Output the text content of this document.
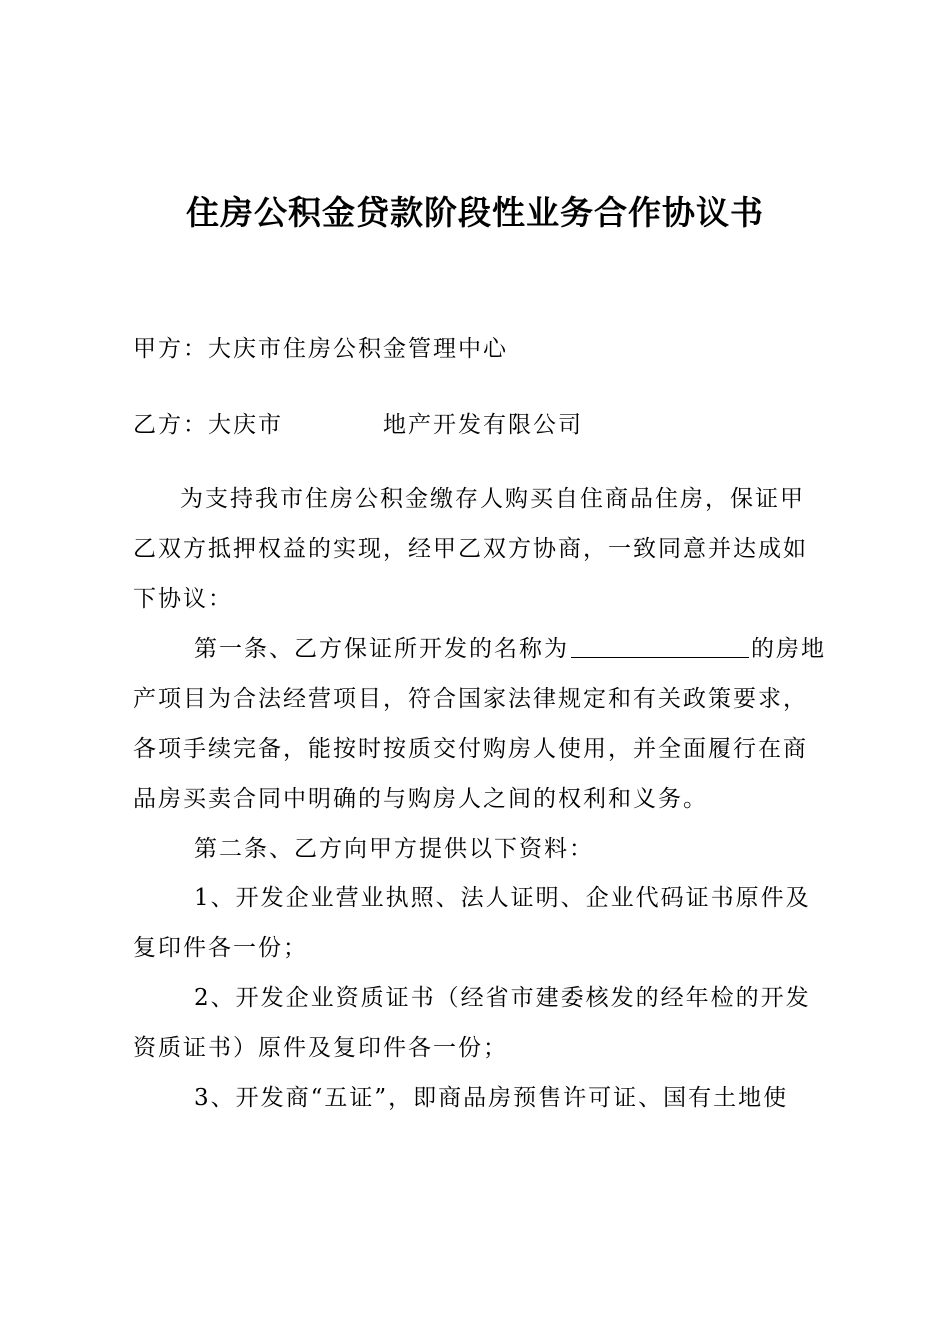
住房公积金贷款阶段性业务合作协议书

甲方：大庆市住房公积金管理中心

乙方：大庆市	地产开发有限公司

为支持我市住房公积金缴存人购买自住商品住房，保证甲

乙双方抵押权益的实现，经甲乙双方协商，一致同意并达成如

下协议：

第一条、乙方保证所开发的名称为	的房地

产项目为合法经营项目，符合国家法律规定和有关政策要求，

各项手续完备，能按时按质交付购房人使用，并全面履行在商

品房买卖合同中明确的与购房人之间的权利和义务。

第二条、乙方向甲方提供以下资料：

1、开发企业营业执照、法人证明、企业代码证书原件及

复印件各一份；

2、开发企业资质证书（经省市建委核发的经年检的开发

资质证书）原件及复印件各一份；

3、开发商“五证”，即商品房预售许可证、国有土地使
